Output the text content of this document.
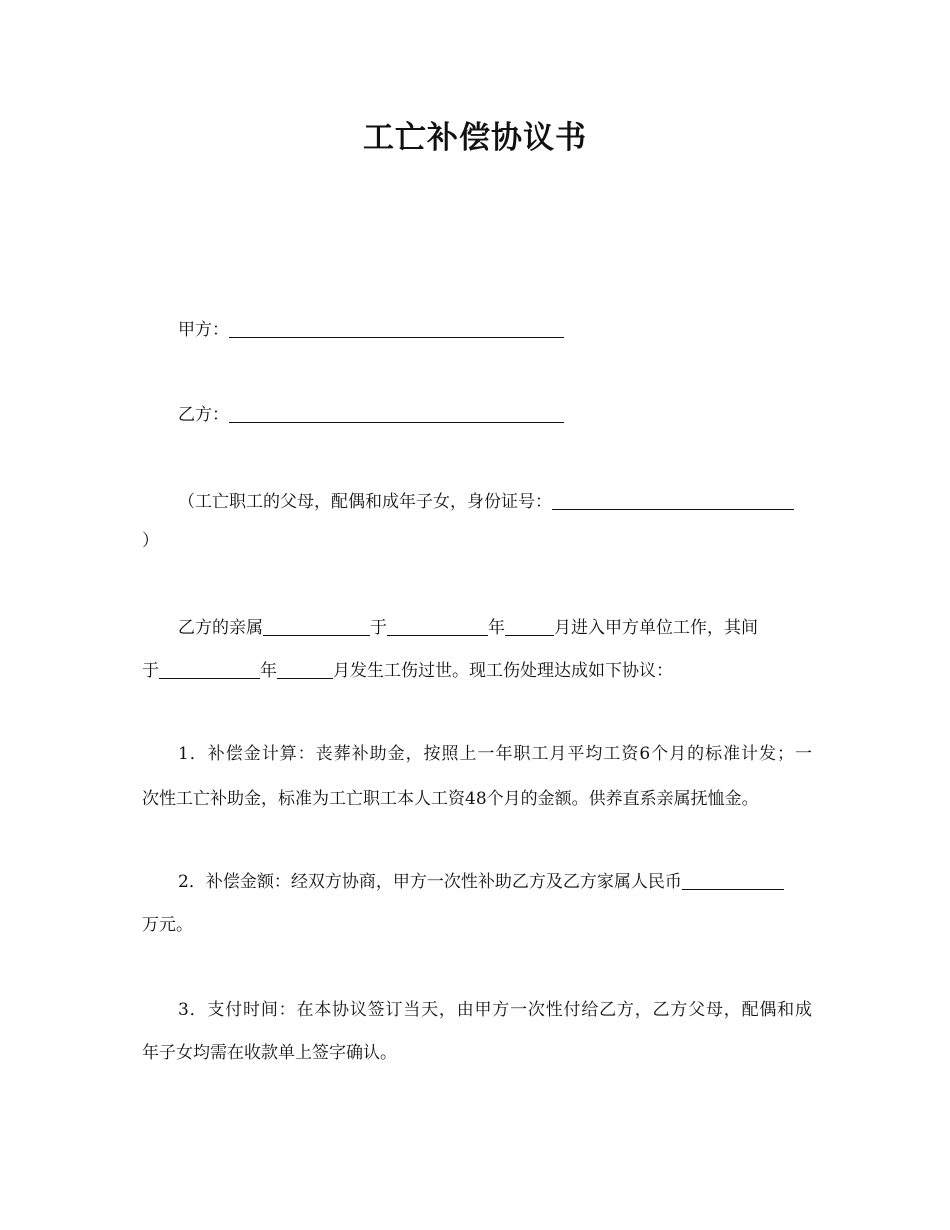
工亡补偿协议书
甲方：
乙方：
（工亡职工的父母，配偶和成年子女，身份证号：
）
乙方的亲属	于	年	月进入甲方单位工作，其间
于	年	月发生工伤过世。现工伤处理达成如下协议：
1．补偿金计算：丧葬补助金，按照上一年职工月平均工资6个月的标准计发；一
次性工亡补助金，标准为工亡职工本人工资48个月的金额。供养直系亲属抚恤金。
2．补偿金额：经双方协商，甲方一次性补助乙方及乙方家属人民币
万元。
3．支付时间：在本协议签订当天，由甲方一次性付给乙方，乙方父母，配偶和成
年子女均需在收款单上签字确认。
